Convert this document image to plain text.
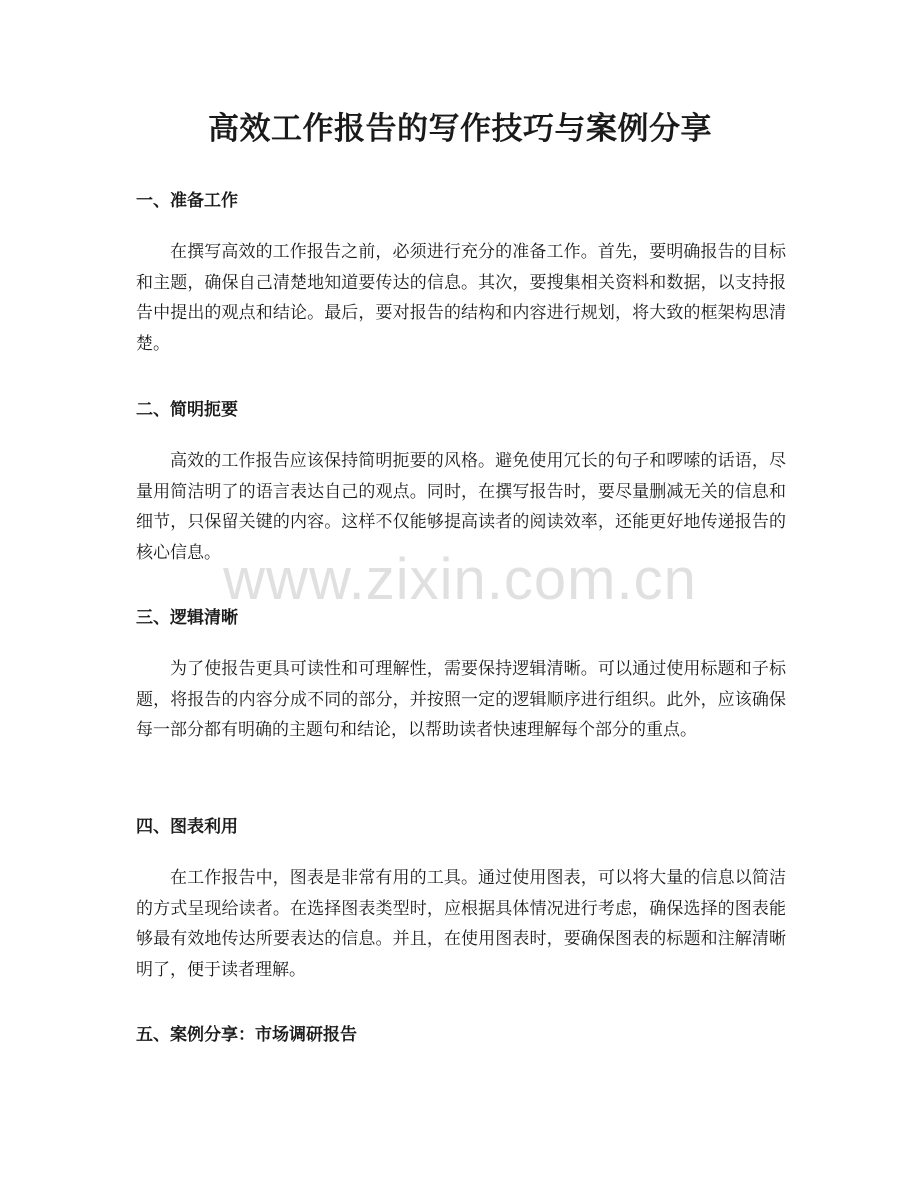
高效工作报告的写作技巧与案例分享
一、准备工作

在撰写高效的工作报告之前，必须进行充分的准备工作。首先，要明确报告的目标和主题，确保自己清楚地知道要传达的信息。其次，要搜集相关资料和数据，以支持报告中提出的观点和结论。最后，要对报告的结构和内容进行规划，将大致的框架构思清楚。

二、简明扼要

高效的工作报告应该保持简明扼要的风格。避免使用冗长的句子和啰嗦的话语，尽量用简洁明了的语言表达自己的观点。同时，在撰写报告时，要尽量删减无关的信息和细节，只保留关键的内容。这样不仅能够提高读者的阅读效率，还能更好地传递报告的核心信息。

三、逻辑清晰

为了使报告更具可读性和可理解性，需要保持逻辑清晰。可以通过使用标题和子标题，将报告的内容分成不同的部分，并按照一定的逻辑顺序进行组织。此外，应该确保每一部分都有明确的主题句和结论，以帮助读者快速理解每个部分的重点。

四、图表利用

在工作报告中，图表是非常有用的工具。通过使用图表，可以将大量的信息以简洁的方式呈现给读者。在选择图表类型时，应根据具体情况进行考虑，确保选择的图表能够最有效地传达所要表达的信息。并且，在使用图表时，要确保图表的标题和注解清晰明了，便于读者理解。

五、案例分享：市场调研报告
www.zixin.com.cn
